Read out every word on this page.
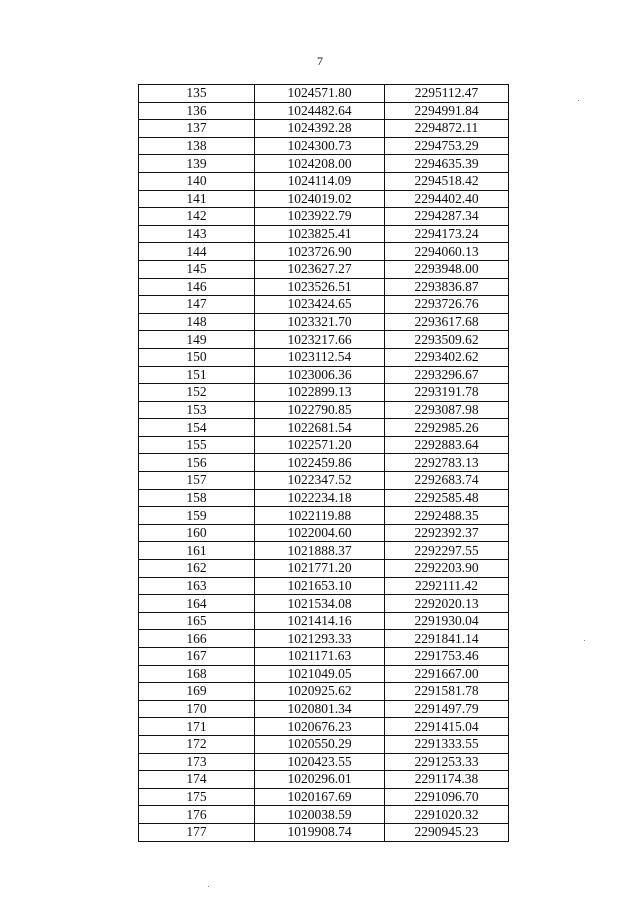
7
135	1024571.80	2295112.47
136	1024482.64	2294991.84
137	1024392.28	2294872.11
138	1024300.73	2294753.29
139	1024208.00	2294635.39
140	1024114.09	2294518.42
141	1024019.02	2294402.40
142	1023922.79	2294287.34
143	1023825.41	2294173.24
144	1023726.90	2294060.13
145	1023627.27	2293948.00
146	1023526.51	2293836.87
147	1023424.65	2293726.76
148	1023321.70	2293617.68
149	1023217.66	2293509.62
150	1023112.54	2293402.62
151	1023006.36	2293296.67
152	1022899.13	2293191.78
153	1022790.85	2293087.98
154	1022681.54	2292985.26
155	1022571.20	2292883.64
156	1022459.86	2292783.13
157	1022347.52	2292683.74
158	1022234.18	2292585.48
159	1022119.88	2292488.35
160	1022004.60	2292392.37
161	1021888.37	2292297.55
162	1021771.20	2292203.90
163	1021653.10	2292111.42
164	1021534.08	2292020.13
165	1021414.16	2291930.04
166	1021293.33	2291841.14
167	1021171.63	2291753.46
168	1021049.05	2291667.00
169	1020925.62	2291581.78
170	1020801.34	2291497.79
171	1020676.23	2291415.04
172	1020550.29	2291333.55
173	1020423.55	2291253.33
174	1020296.01	2291174.38
175	1020167.69	2291096.70
176	1020038.59	2291020.32
177	1019908.74	2290945.23
